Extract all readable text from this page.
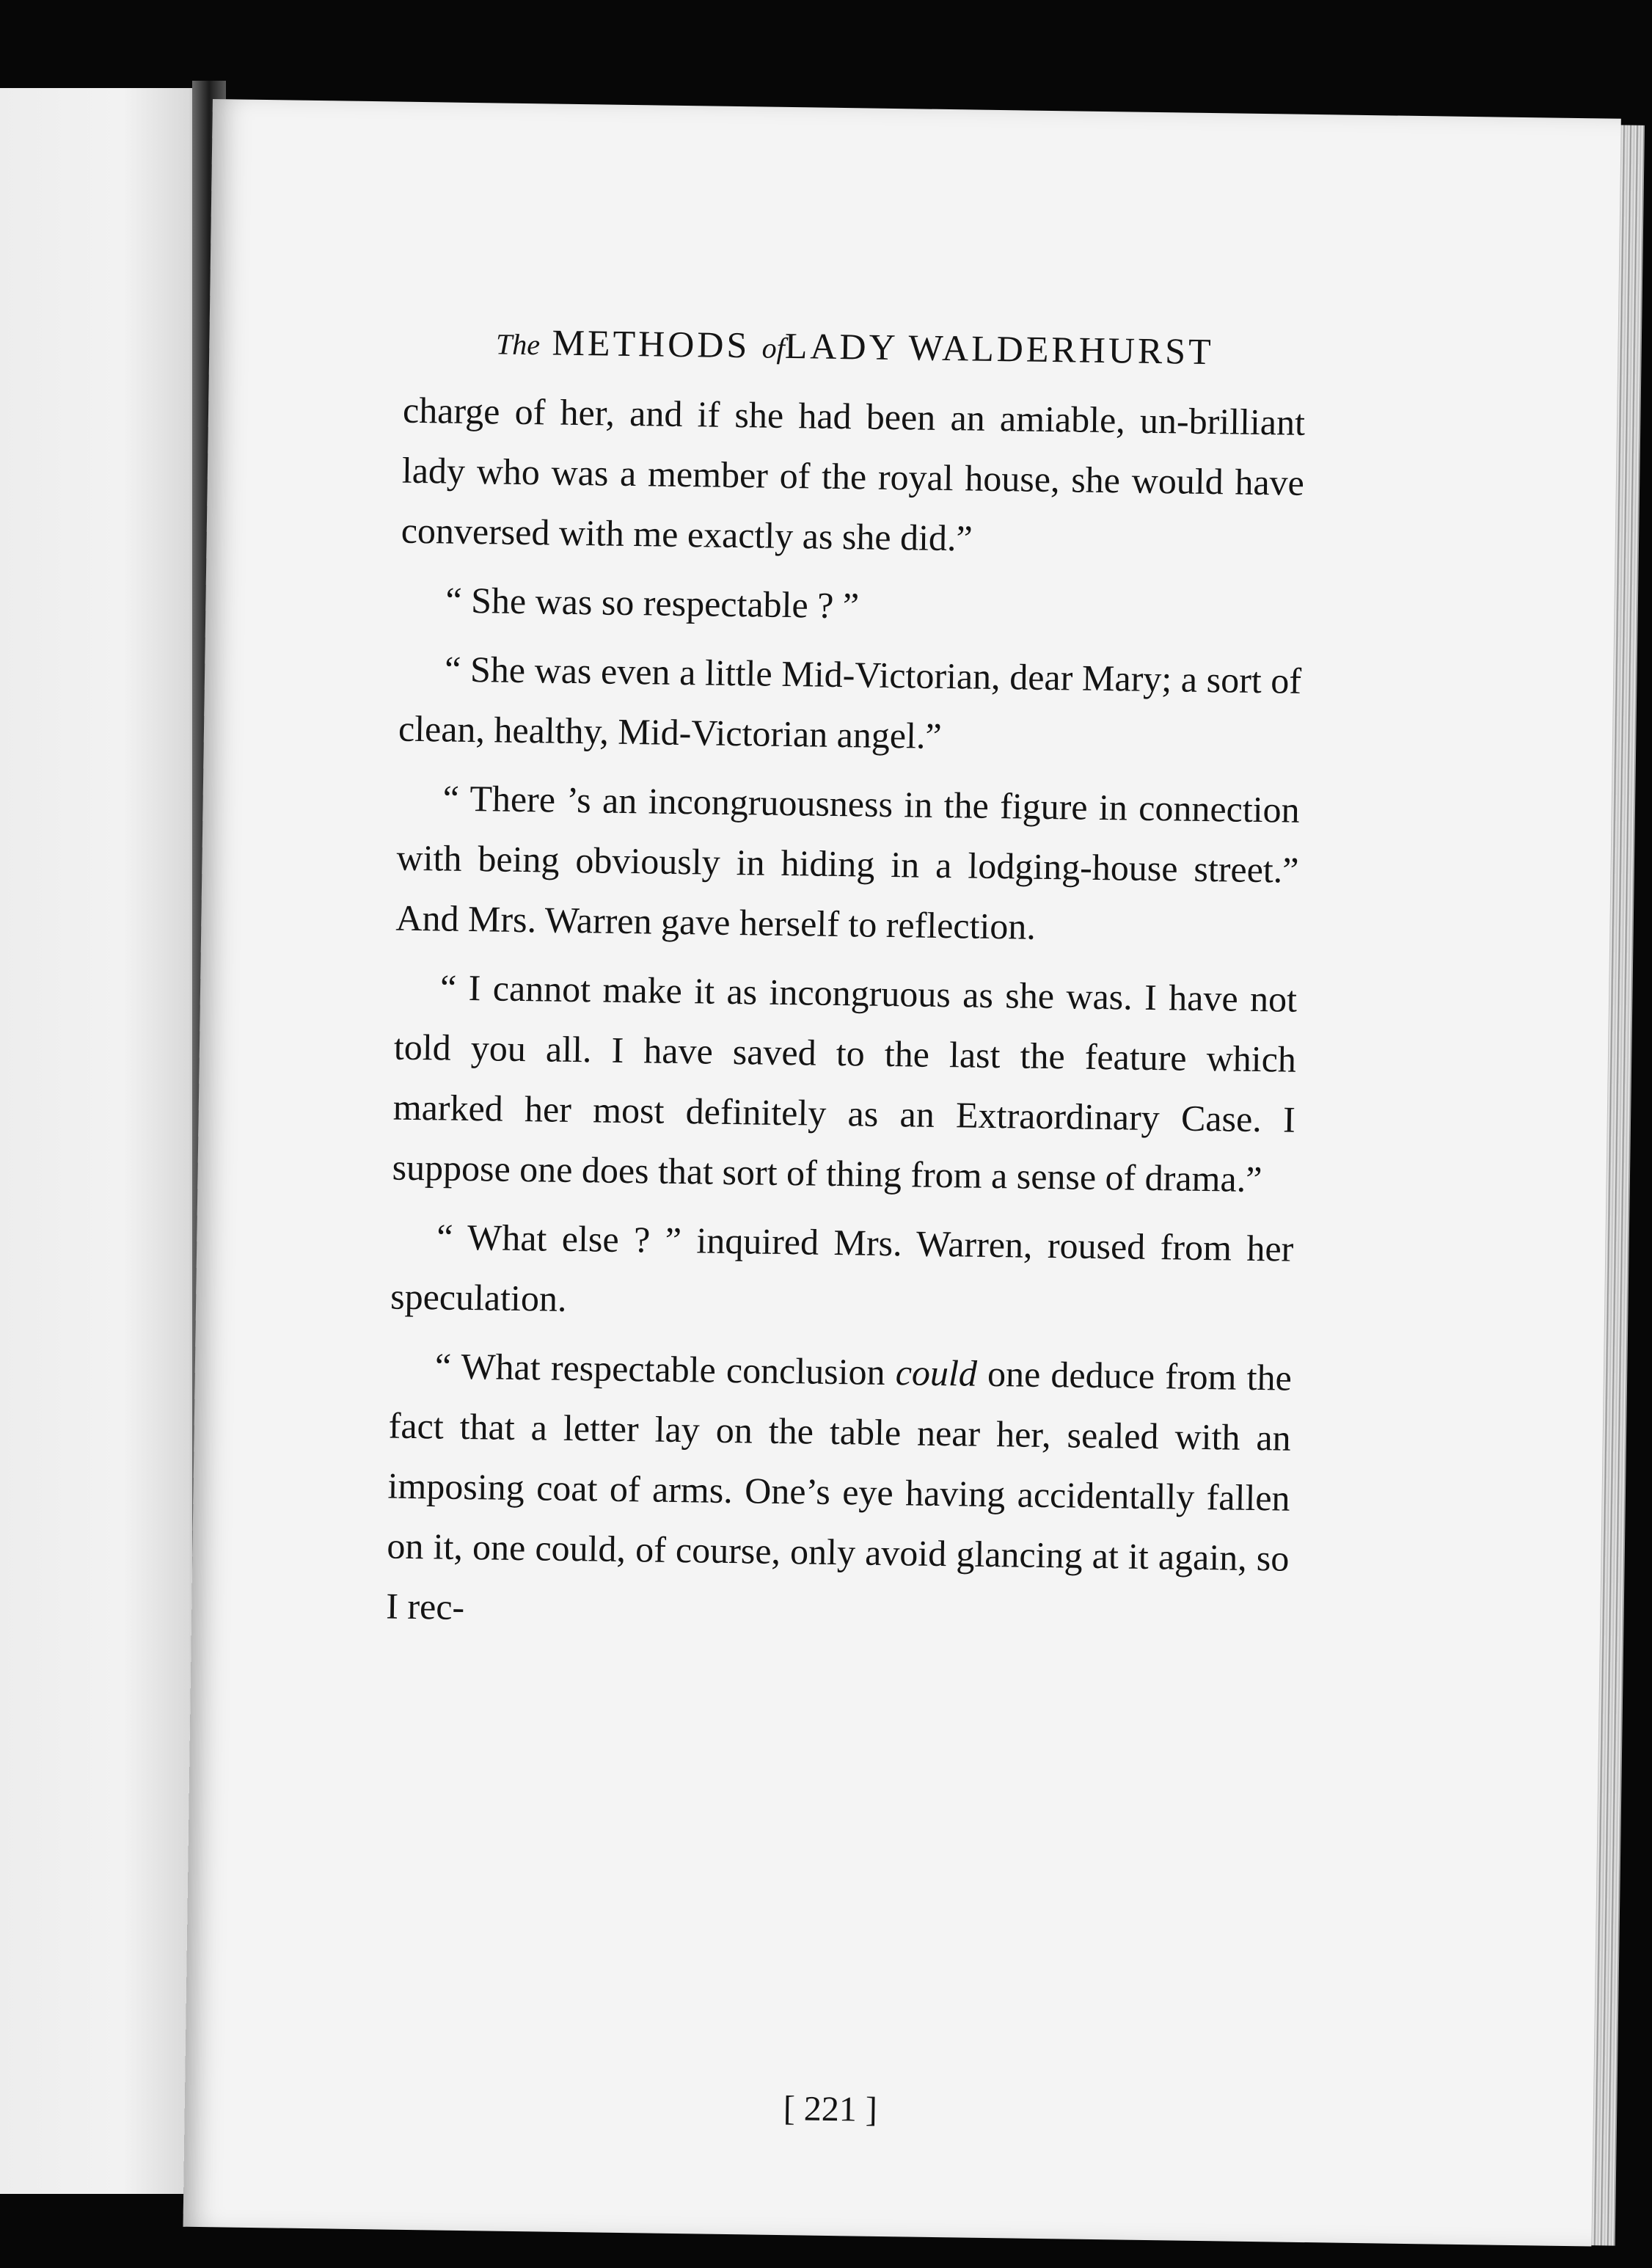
The METHODS ofLADY WALDERHURST

charge of her, and if she had been an amiable, un-brilliant lady who was a member of the royal house, she would have conversed with me exactly as she did.”

“ She was so respectable ? ”

“ She was even a little Mid-Victorian, dear Mary; a sort of clean, healthy, Mid-Victorian angel.”

“ There ’s an incongruousness in the figure in connection with being obviously in hiding in a lodging-house street.” And Mrs. Warren gave herself to reflection.

“ I cannot make it as incongruous as she was. I have not told you all. I have saved to the last the feature which marked her most definitely as an Extraordinary Case. I suppose one does that sort of thing from a sense of drama.”

“ What else ? ” inquired Mrs. Warren, roused from her speculation.

“ What respectable conclusion could one deduce from the fact that a letter lay on the table near her, sealed with an imposing coat of arms. One’s eye having accidentally fallen on it, one could, of course, only avoid glancing at it again, so I rec-

[ 221 ]
